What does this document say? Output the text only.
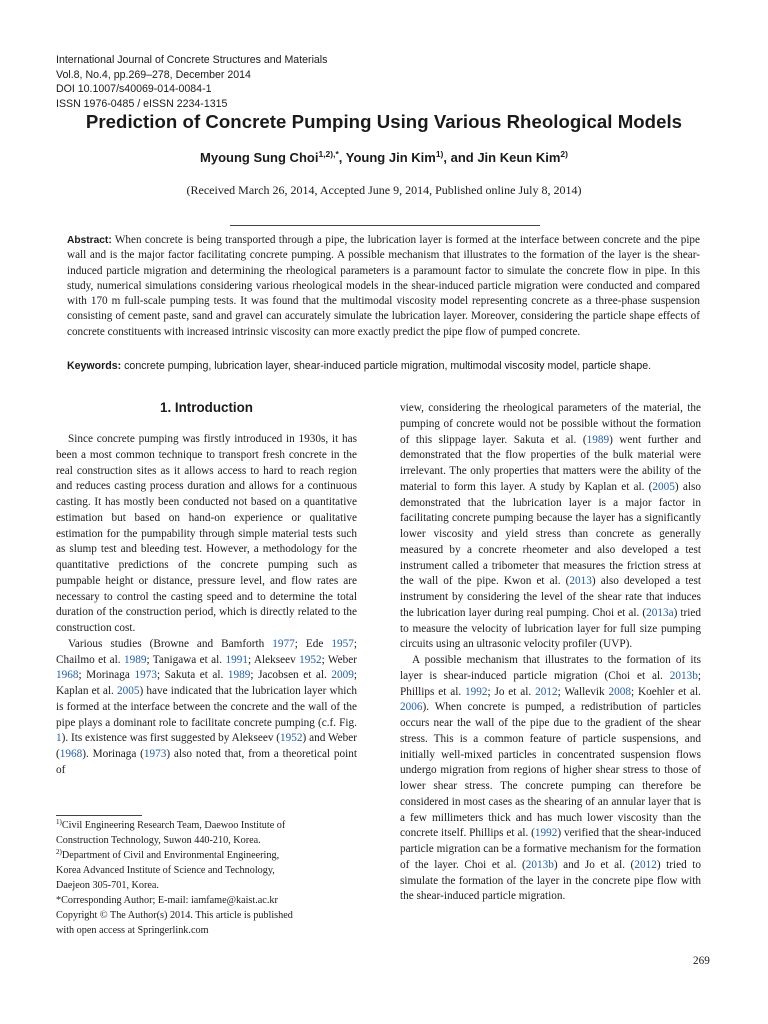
International Journal of Concrete Structures and Materials
Vol.8, No.4, pp.269–278, December 2014
DOI 10.1007/s40069-014-0084-1
ISSN 1976-0485 / eISSN 2234-1315
Prediction of Concrete Pumping Using Various Rheological Models
Myoung Sung Choi$^{1,2),*}$, Young Jin Kim$^{1)}$, and Jin Keun Kim$^{2)}$
(Received March 26, 2014, Accepted June 9, 2014, Published online July 8, 2014)
Abstract: When concrete is being transported through a pipe, the lubrication layer is formed at the interface between concrete and the pipe wall and is the major factor facilitating concrete pumping. A possible mechanism that illustrates to the formation of the layer is the shear-induced particle migration and determining the rheological parameters is a paramount factor to simulate the concrete flow in pipe. In this study, numerical simulations considering various rheological models in the shear-induced particle migration were conducted and compared with 170 m full-scale pumping tests. It was found that the multimodal viscosity model representing concrete as a three-phase suspension consisting of cement paste, sand and gravel can accurately simulate the lubrication layer. Moreover, considering the particle shape effects of concrete constituents with increased intrinsic viscosity can more exactly predict the pipe flow of pumped concrete.
Keywords: concrete pumping, lubrication layer, shear-induced particle migration, multimodal viscosity model, particle shape.
1. Introduction

Since concrete pumping was firstly introduced in 1930s, it has been a most common technique to transport fresh concrete in the real construction sites as it allows access to hard to reach region and reduces casting process duration and allows for a continuous casting. It has mostly been conducted not based on a quantitative estimation but based on hand-on experience or qualitative estimation for the pumpability through simple material tests such as slump test and bleeding test. However, a methodology for the quantitative predictions of the concrete pumping such as pumpable height or distance, pressure level, and flow rates are necessary to control the casting speed and to determine the total duration of the construction period, which is directly related to the construction cost.

Various studies (Browne and Bamforth 1977; Ede 1957; Chailmo et al. 1989; Tanigawa et al. 1991; Alekseev 1952; Weber 1968; Morinaga 1973; Sakuta et al. 1989; Jacobsen et al. 2009; Kaplan et al. 2005) have indicated that the lubrication layer which is formed at the interface between the concrete and the wall of the pipe plays a dominant role to facilitate concrete pumping (c.f. Fig. 1). Its existence was first suggested by Alekseev (1952) and Weber (1968). Morinaga (1973) also noted that, from a theoretical point of

view, considering the rheological parameters of the material, the pumping of concrete would not be possible without the formation of this slippage layer. Sakuta et al. (1989) went further and demonstrated that the flow properties of the bulk material were irrelevant. The only properties that matters were the ability of the material to form this layer. A study by Kaplan et al. (2005) also demonstrated that the lubrication layer is a major factor in facilitating concrete pumping because the layer has a significantly lower viscosity and yield stress than concrete as generally measured by a concrete rheometer and also developed a test instrument called a tribometer that measures the friction stress at the wall of the pipe. Kwon et al. (2013) also developed a test instrument by considering the level of the shear rate that induces the lubrication layer during real pumping. Choi et al. (2013a) tried to measure the velocity of lubrication layer for full size pumping circuits using an ultrasonic velocity profiler (UVP).

A possible mechanism that illustrates to the formation of its layer is shear-induced particle migration (Choi et al. 2013b; Phillips et al. 1992; Jo et al. 2012; Wallevik 2008; Koehler et al. 2006). When concrete is pumped, a redistribution of particles occurs near the wall of the pipe due to the gradient of the shear stress. This is a common feature of particle suspensions, and initially well-mixed particles in concentrated suspension flows undergo migration from regions of higher shear stress to those of lower shear stress. The concrete pumping can therefore be considered in most cases as the shearing of an annular layer that is a few millimeters thick and has much lower viscosity than the concrete itself. Phillips et al. (1992) verified that the shear-induced particle migration can be a formative mechanism for the formation of the layer. Choi et al. (2013b) and Jo et al. (2012) tried to simulate the formation of the layer in the concrete pipe flow with the shear-induced particle migration.

$^{1)}$Civil Engineering Research Team, Daewoo Institute of
Construction Technology, Suwon 440-210, Korea.
$^{2)}$Department of Civil and Environmental Engineering,
Korea Advanced Institute of Science and Technology,
Daejeon 305-701, Korea.
*Corresponding Author; E-mail: iamfame@kaist.ac.kr
Copyright © The Author(s) 2014. This article is published
with open access at Springerlink.com
269
